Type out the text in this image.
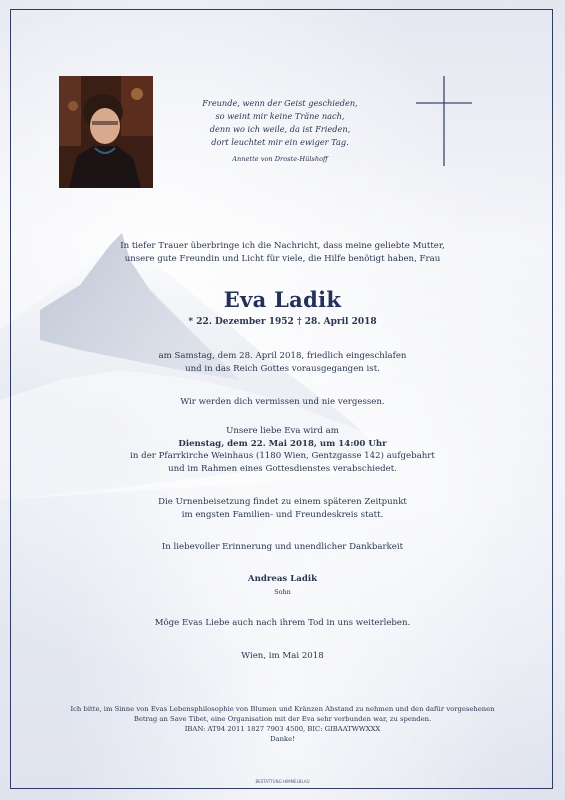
Freunde, wenn der Geist geschieden,
so weint mir keine Träne nach,
denn wo ich weile, da ist Frieden,
dort leuchtet mir ein ewiger Tag.
Annette von Droste-Hülshoff
In tiefer Trauer überbringe ich die Nachricht, dass meine geliebte Mutter,
unsere gute Freundin und Licht für viele, die Hilfe benötigt haben, Frau
Eva Ladik
* 22. Dezember 1952 † 28. April 2018
am Samstag, dem 28. April 2018, friedlich eingeschlafen
und in das Reich Gottes vorausgegangen ist.
Wir werden dich vermissen und nie vergessen.
Unsere liebe Eva wird am
Dienstag, dem 22. Mai 2018, um 14:00 Uhr
in der Pfarrkirche Weinhaus (1180 Wien, Gentzgasse 142) aufgebahrt
und im Rahmen eines Gottesdienstes verabschiedet.
Die Urnenbeisetzung findet zu einem späteren Zeitpunkt
im engsten Familien- und Freundeskreis statt.
In liebevoller Erinnerung und unendlicher Dankbarkeit
Andreas Ladik
Sohn
Möge Evas Liebe auch nach ihrem Tod in uns weiterleben.
Wien, im Mai 2018
Ich bitte, im Sinne von Evas Lebensphilosophie von Blumen und Kränzen Abstand zu nehmen und den dafür vorgesehenen
Betrag an Save Tibet, eine Organisation mit der Eva sehr verbunden war, zu spenden.
IBAN: AT94 2011 1827 7903 4500, BIC: GIBAATWWXXX
Danke!
BESTATTUNG HIMMELBLAU
